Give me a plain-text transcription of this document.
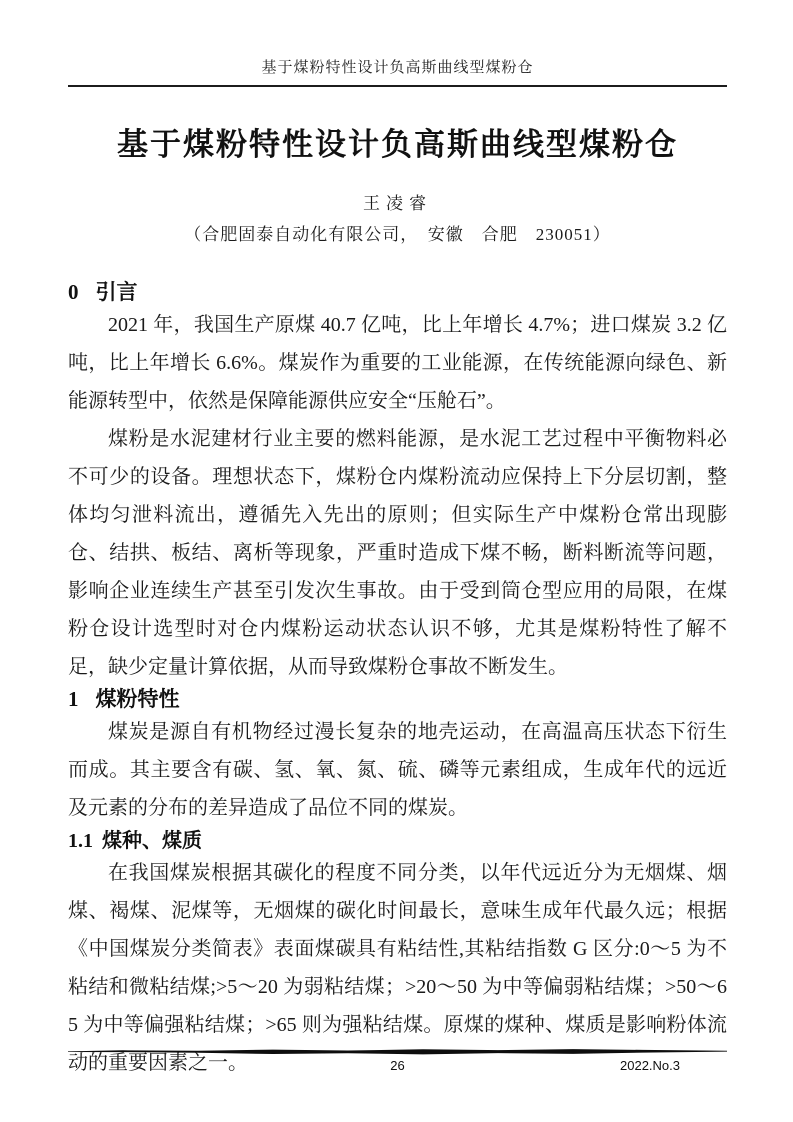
基于煤粉特性设计负高斯曲线型煤粉仓
基于煤粉特性设计负高斯曲线型煤粉仓
王凌睿
（合肥固泰自动化有限公司，　安徽　合肥　230051）
0 引言

2021 年，我国生产原煤 40.7 亿吨，比上年增长 4.7%；进口煤炭 3.2 亿吨，比上年增长 6.6%。煤炭作为重要的工业能源，在传统能源向绿色、新能源转型中，依然是保障能源供应安全“压舱石”。

煤粉是水泥建材行业主要的燃料能源，是水泥工艺过程中平衡物料必不可少的设备。理想状态下，煤粉仓内煤粉流动应保持上下分层切割，整体均匀泄料流出，遵循先入先出的原则；但实际生产中煤粉仓常出现膨仓、结拱、板结、离析等现象，严重时造成下煤不畅，断料断流等问题，影响企业连续生产甚至引发次生事故。由于受到筒仓型应用的局限，在煤粉仓设计选型时对仓内煤粉运动状态认识不够，尤其是煤粉特性了解不足，缺少定量计算依据，从而导致煤粉仓事故不断发生。

1 煤粉特性

煤炭是源自有机物经过漫长复杂的地壳运动，在高温高压状态下衍生而成。其主要含有碳、氢、氧、氮、硫、磷等元素组成，生成年代的远近及元素的分布的差异造成了品位不同的煤炭。

1.1 煤种、煤质

在我国煤炭根据其碳化的程度不同分类，以年代远近分为无烟煤、烟煤、褐煤、泥煤等，无烟煤的碳化时间最长，意味生成年代最久远；根据《中国煤炭分类简表》表面煤碳具有粘结性,其粘结指数 G 区分:0～5 为不粘结和微粘结煤;>5～20 为弱粘结煤；>20～50 为中等偏弱粘结煤；>50～65 为中等偏强粘结煤；>65 则为强粘结煤。原煤的煤种、煤质是影响粉体流动的重要因素之一。	26	2022.No.3
